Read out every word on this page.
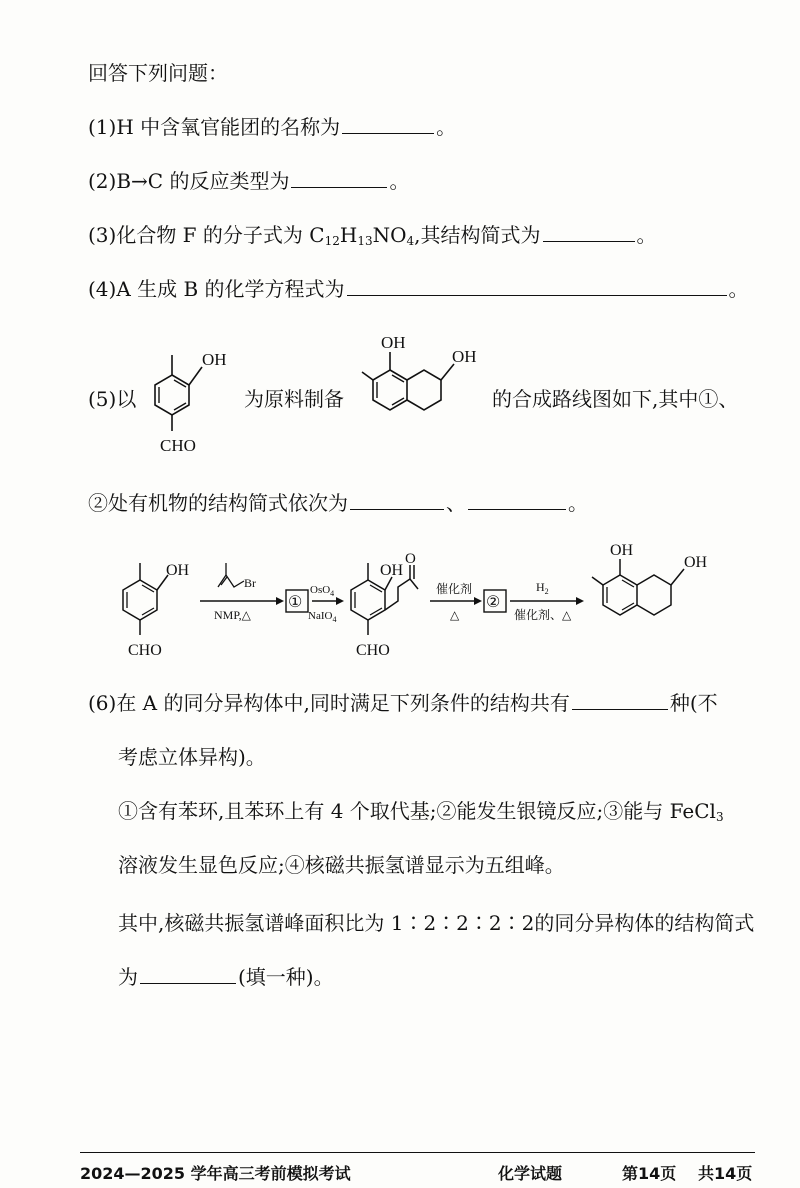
回答下列问题：
(1)H 中含氧官能团的名称为	。
(2)B→C 的反应类型为	。
(3)化合物 F 的分子式为 $C_{12}H_{13}NO_4$,其结构简式为	。
(4)A 生成 B 的化学方程式为	。
(5)以
OH
CHO
为原料制备
OH
OH
的合成路线图如下,其中①、
②处有机物的结构简式依次为	、	。
OH
CHO
Br
NMP,△
①
OsO$_4$
NaIO$_4$
OH
O
CHO
催化剂
△
②
$H_2$
催化剂、△
OH
OH
(6)在 A 的同分异构体中,同时满足下列条件的结构共有	种(不
考虑立体异构)。
①含有苯环,且苯环上有 4 个取代基;②能发生银镜反应;③能与 FeCl$_3$
溶液发生显色反应;④核磁共振氢谱显示为五组峰。
其中,核磁共振氢谱峰面积比为 1∶2∶2∶2∶2的同分异构体的结构简式
为	(填一种)。
2024—2025 学年高三考前模拟考试	化学试题	第14页 共14页
